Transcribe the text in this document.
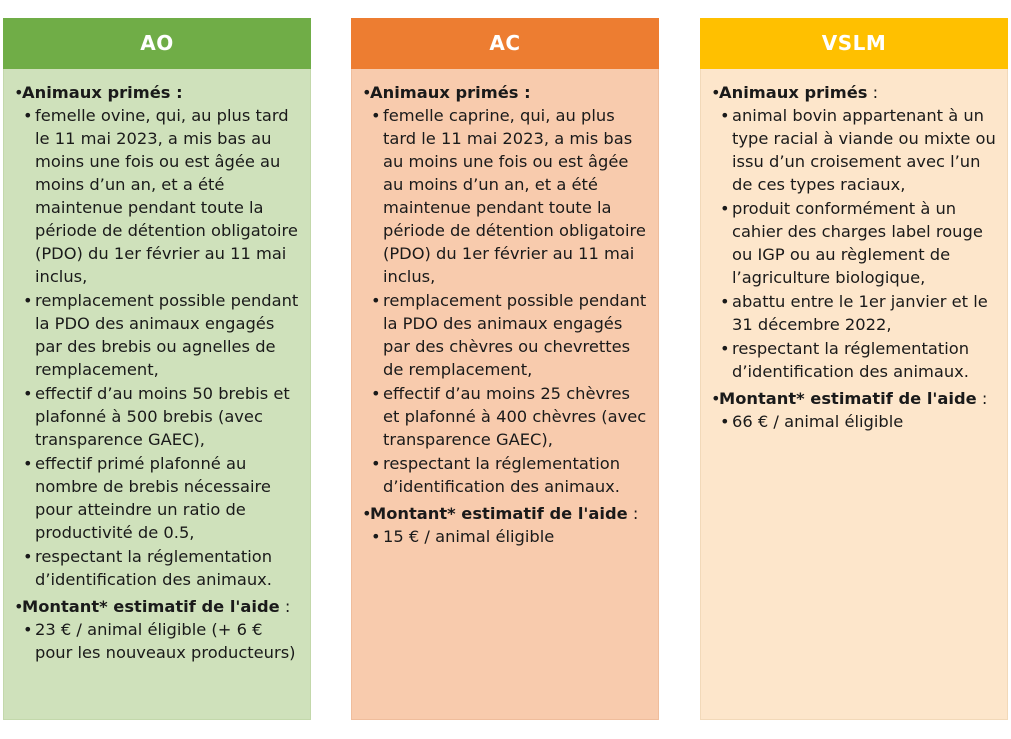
AO
•Animaux primés :
• femelle ovine, qui, au plus tard le 11 mai 2023, a mis bas au moins une fois ou est âgée au moins d’un an, et a été maintenue pendant toute la période de détention obligatoire (PDO) du 1er février au 11 mai inclus,
• remplacement possible pendant la PDO des animaux engagés par des brebis ou agnelles de remplacement,
• effectif d’au moins 50 brebis et plafonné à 500 brebis (avec transparence GAEC),
• effectif primé plafonné au nombre de brebis nécessaire pour atteindre un ratio de productivité de 0.5,
• respectant la réglementation d’identification des animaux.
•Montant* estimatif de l'aide :
• 23 € / animal éligible (+ 6 € pour les nouveaux producteurs)
AC
•Animaux primés :
• femelle caprine, qui, au plus tard le 11 mai 2023, a mis bas au moins une fois ou est âgée au moins d’un an, et a été maintenue pendant toute la période de détention obligatoire (PDO) du 1er février au 11 mai inclus,
• remplacement possible pendant la PDO des animaux engagés par des chèvres ou chevrettes de remplacement,
• effectif d’au moins 25 chèvres et plafonné à 400 chèvres (avec transparence GAEC),
• respectant la réglementation d’identification des animaux.
•Montant* estimatif de l'aide :
• 15 € / animal éligible
VSLM
•Animaux primés :
• animal bovin appartenant à un type racial à viande ou mixte ou issu d’un croisement avec l’un de ces types raciaux,
• produit conformément à un cahier des charges label rouge ou IGP ou au règlement de l’agriculture biologique,
• abattu entre le 1er janvier et le 31 décembre 2022,
• respectant la réglementation d’identification des animaux.
•Montant* estimatif de l'aide :
• 66 € / animal éligible
